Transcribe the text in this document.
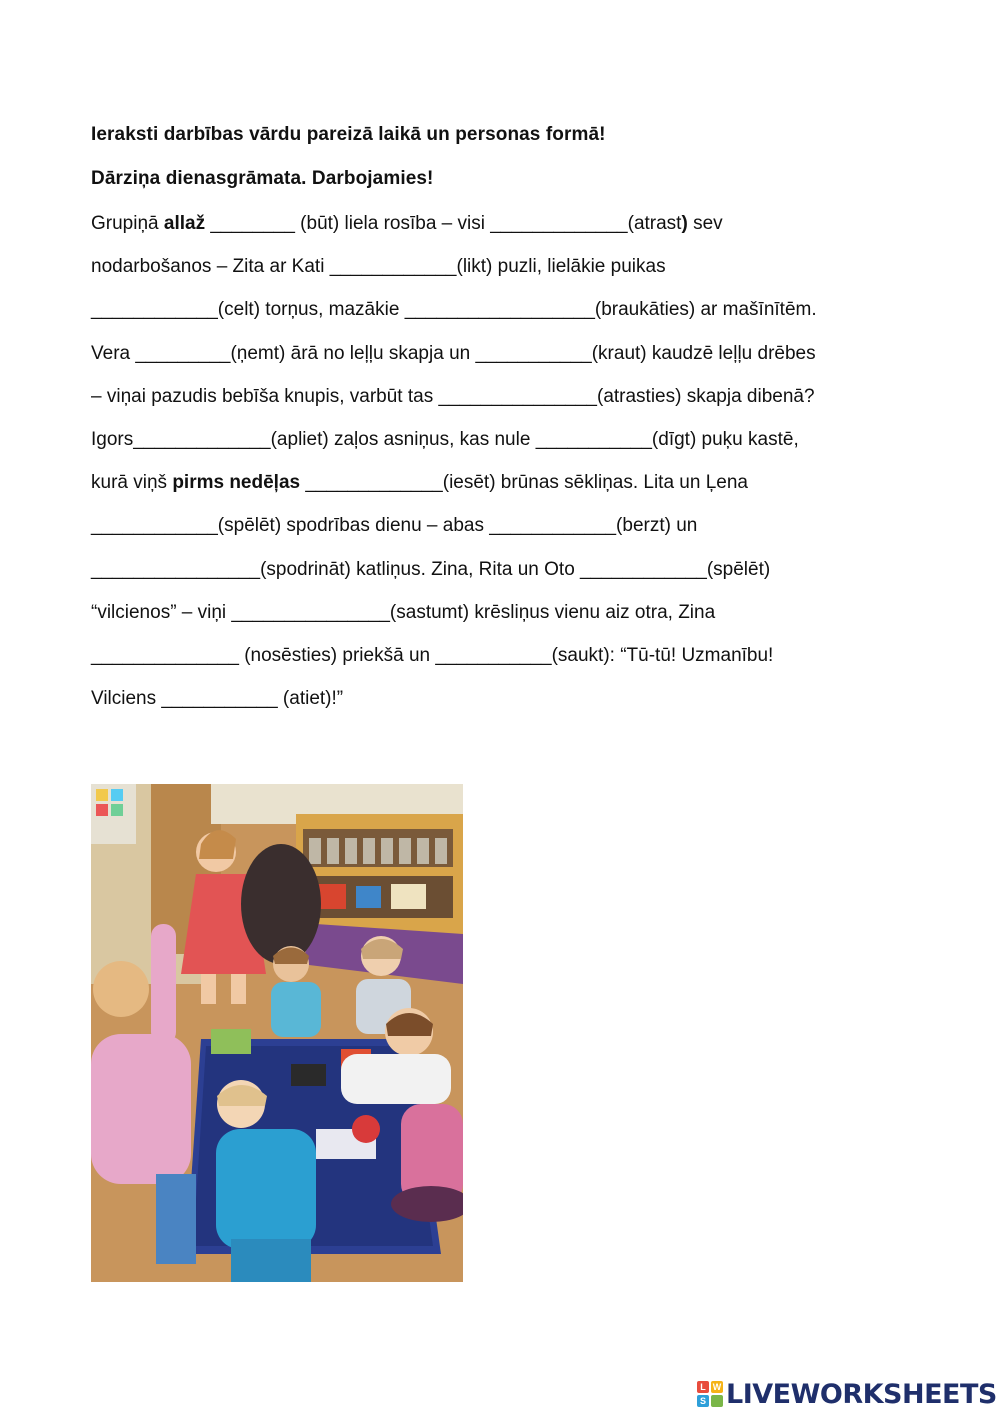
Ieraksti darbības vārdu pareizā laikā un personas formā!
Dārziņa dienasgrāmata. Darbojamies!
Grupiņā allaž ________ (būt) liela rosība – visi _____________(atrast) sev
nodarbošanos – Zita ar Kati ____________(likt) puzli, lielākie puikas
____________(celt) torņus, mazākie __________________(braukāties) ar mašīnītēm.
Vera _________(ņemt) ārā no leļļu skapja un ___________(kraut) kaudzē leļļu drēbes
– viņai pazudis bebīša knupis, varbūt tas _______________(atrasties) skapja dibenā?
Igors_____________(apliet) zaļos asniņus, kas nule ___________(dīgt) puķu kastē,
kurā viņš pirms nedēļas _____________(iesēt) brūnas sēkliņas. Lita un Ļena
____________(spēlēt) spodrības dienu – abas ____________(berzt) un
________________(spodrināt) katliņus. Zina, Rita un Oto ____________(spēlēt)
“vilcienos” – viņi _______________(sastumt) krēsliņus vienu aiz otra, Zina
______________ (nosēsties) priekšā un ___________(saukt): “Tū-tū! Uzmanību!
Vilciens ___________ (atiet)!”
L W
S LIVEWORKSHEETS
